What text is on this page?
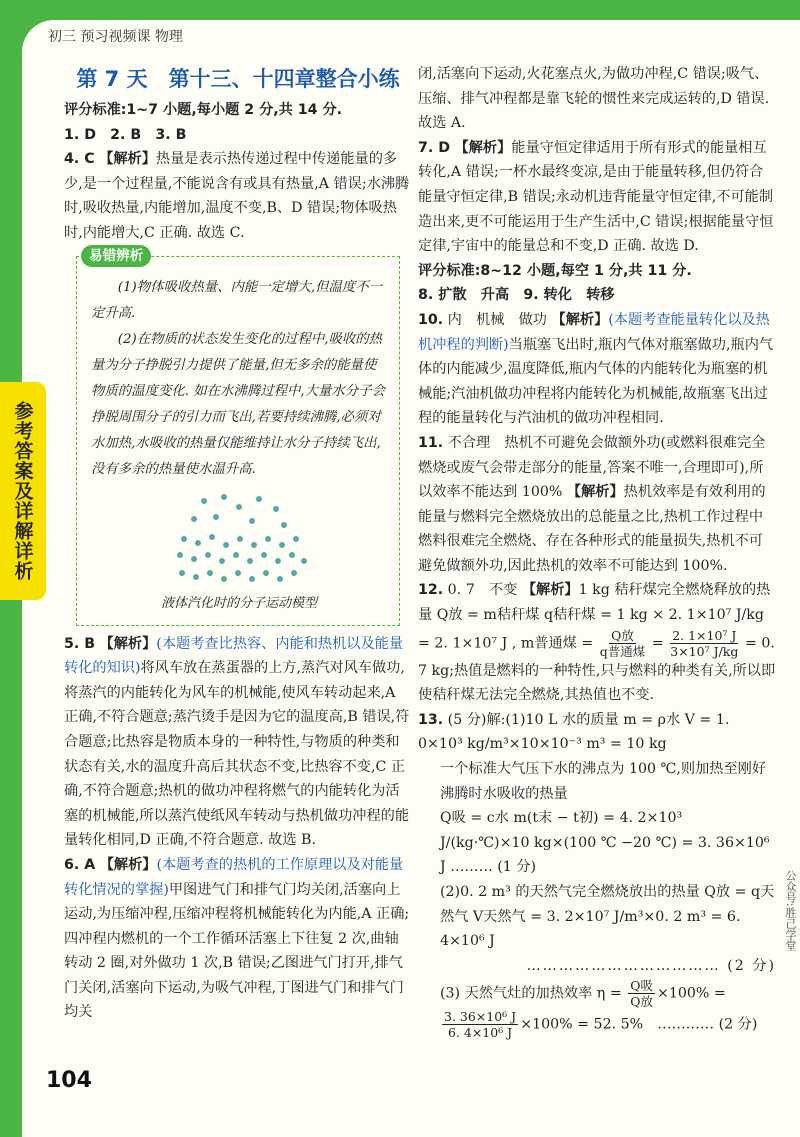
初三 预习视频课 物理
参考答案及详解详析
公众号:胜己学堂
第 7 天　第十三、十四章整合小练

评分标准:1~7 小题,每小题 2 分,共 14 分.

1. D　2. B　3. B

4. C 【解析】热量是表示热传递过程中传递能量的多少,是一个过程量,不能说含有或具有热量,A 错误;水沸腾时,吸收热量,内能增加,温度不变,B、D 错误;物体吸热时,内能增大,C 正确. 故选 C.

易错辨析

(1)物体吸收热量、内能一定增大,但温度不一定升高.

(2)在物质的状态发生变化的过程中,吸收的热量为分子挣脱引力提供了能量,但无多余的能量使物质的温度变化. 如在水沸腾过程中,大量水分子会挣脱周围分子的引力而飞出,若要持续沸腾,必须对水加热,水吸收的热量仅能维持让水分子持续飞出,没有多余的热量使水温升高.

液体汽化时的分子运动模型

5. B 【解析】(本题考查比热容、内能和热机以及能量转化的知识)将风车放在蒸蛋器的上方,蒸汽对风车做功,将蒸汽的内能转化为风车的机械能,使风车转动起来,A 正确,不符合题意;蒸汽烫手是因为它的温度高,B 错误,符合题意;比热容是物质本身的一种特性,与物质的种类和状态有关,水的温度升高后其状态不变,比热容不变,C 正确,不符合题意;热机的做功冲程将燃气的内能转化为活塞的机械能,所以蒸汽使纸风车转动与热机做功冲程的能量转化相同,D 正确,不符合题意. 故选 B.

6. A 【解析】(本题考查的热机的工作原理以及对能量转化情况的掌握)甲图进气门和排气门均关闭,活塞向上运动,为压缩冲程,压缩冲程将机械能转化为内能,A 正确;四冲程内燃机的一个工作循环活塞上下往复 2 次,曲轴转动 2 圈,对外做功 1 次,B 错误;乙图进气门打开,排气门关闭,活塞向下运动,为吸气冲程,丁图进气门和排气门均关

闭,活塞向下运动,火花塞点火,为做功冲程,C 错误;吸气、压缩、排气冲程都是靠飞轮的惯性来完成运转的,D 错误. 故选 A.

7. D 【解析】能量守恒定律适用于所有形式的能量相互转化,A 错误;一杯水最终变凉,是由于能量转移,但仍符合能量守恒定律,B 错误;永动机违背能量守恒定律,不可能制造出来,更不可能运用于生产生活中,C 错误;根据能量守恒定律,宇宙中的能量总和不变,D 正确. 故选 D.

评分标准:8~12 小题,每空 1 分,共 11 分.

8. 扩散　升高　9. 转化　转移

10. 内　机械　做功 【解析】(本题考查能量转化以及热机冲程的判断)当瓶塞飞出时,瓶内气体对瓶塞做功,瓶内气体的内能减少,温度降低,瓶内气体的内能转化为瓶塞的机械能;汽油机做功冲程将内能转化为机械能,故瓶塞飞出过程的能量转化与汽油机的做功冲程相同.

11. 不合理　热机不可避免会做额外功(或燃料很难完全燃烧或废气会带走部分的能量,答案不唯一,合理即可),所以效率不能达到 100% 【解析】热机效率是有效利用的能量与燃料完全燃烧放出的总能量之比,热机工作过程中燃料很难完全燃烧、存在各种形式的能量损失,热机不可避免做额外功,因此热机的效率不可能达到 100%.

12. 0. 7　不变 【解析】1 kg 秸秆煤完全燃烧释放的热量 Q放 = m秸秆煤 q秸秆煤 = 1 kg × 2. 1×10⁷ J/kg = 2. 1×10⁷ J , m普通煤 = $\frac{\text{Q放}}{\text{q普通煤}} = \frac{\text{2. 1×10⁷ J}}{\text{3×10⁷ J/kg}} = 0$. 7 kg;热值是燃料的一种特性,只与燃料的种类有关,所以即使秸秆煤无法完全燃烧,其热值也不变.

13. (5 分)解:(1)10 L 水的质量 m = ρ水 V = 1. 0×10³ kg/m³×10×10⁻³ m³ = 10 kg

一个标准大气压下水的沸点为 100 ℃,则加热至刚好沸腾时水吸收的热量

Q吸 = c水 m(t末 − t初) = 4. 2×10³ J/(kg·℃)×10 kg×(100 ℃ −20 ℃) = 3. 36×10⁶ J ……… (1 分)

(2)0. 2 m³ 的天然气完全燃烧放出的热量 Q放 = q天然气 V天然气 = 3. 2×10⁷ J/m³×0. 2 m³ = 6. 4×10⁶ J

……………………………… (2 分)

(3) 天然气灶的加热效率 $\eta = \frac{\text{Q吸}}{\text{Q放}} \times 100\%$ =

$\frac{\text{3. 36×10⁶ J}}{\text{6. 4×10⁶ J}} \times 100\% = 52$. 5%　………… (2 分)

104
